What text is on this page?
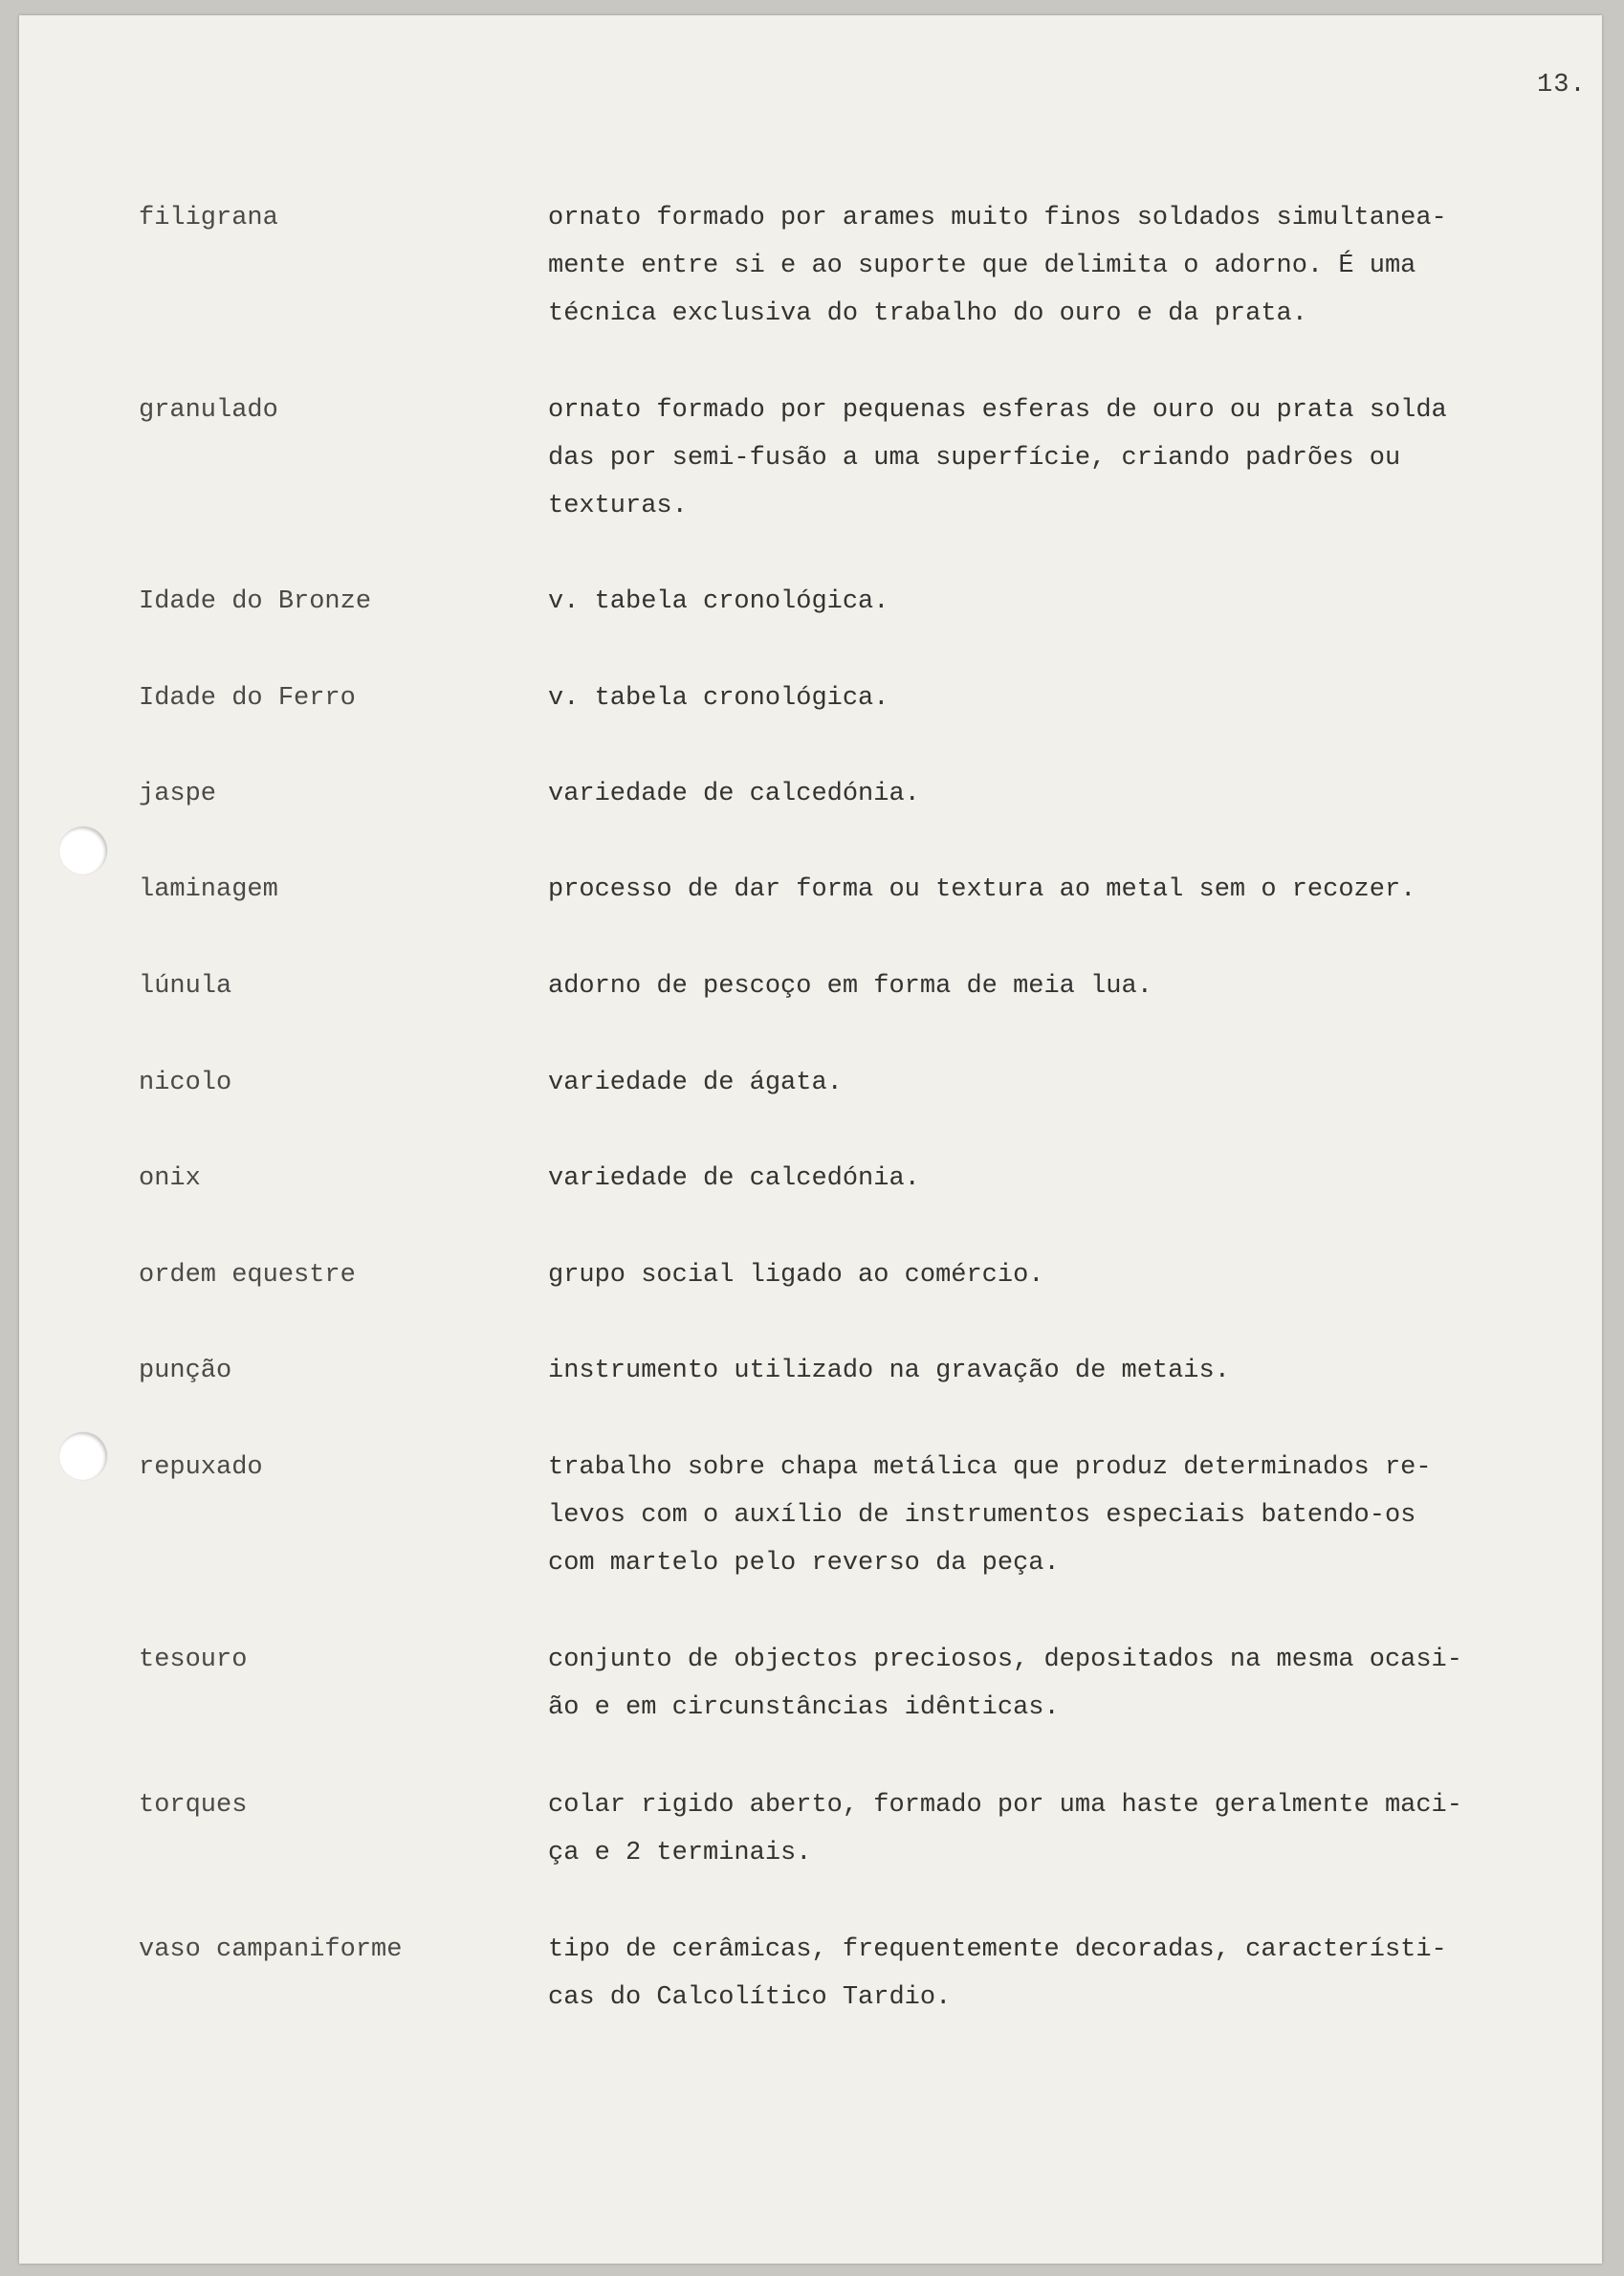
13.
filigrana	ornato formado por arames muito finos soldados simultanea-
mente entre si e ao suporte que delimita o adorno. É uma
técnica exclusiva do trabalho do ouro e da prata.
granulado	ornato formado por pequenas esferas de ouro ou prata solda
das por semi-fusão a uma superfície, criando padrões ou
texturas.
Idade do Bronze	v. tabela cronológica.
Idade do Ferro	v. tabela cronológica.
jaspe	variedade de calcedónia.
laminagem	processo de dar forma ou textura ao metal sem o recozer.
lúnula	adorno de pescoço em forma de meia lua.
nicolo	variedade de ágata.
onix	variedade de calcedónia.
ordem equestre	grupo social ligado ao comércio.
punção	instrumento utilizado na gravação de metais.
repuxado	trabalho sobre chapa metálica que produz determinados re-
levos com o auxílio de instrumentos especiais batendo-os
com martelo pelo reverso da peça.
tesouro	conjunto de objectos preciosos, depositados na mesma ocasi-
ão e em circunstâncias idênticas.
torques	colar rigido aberto, formado por uma haste geralmente maci-
ça e 2 terminais.
vaso campaniforme	tipo de cerâmicas, frequentemente decoradas, característi-
cas do Calcolítico Tardio.
